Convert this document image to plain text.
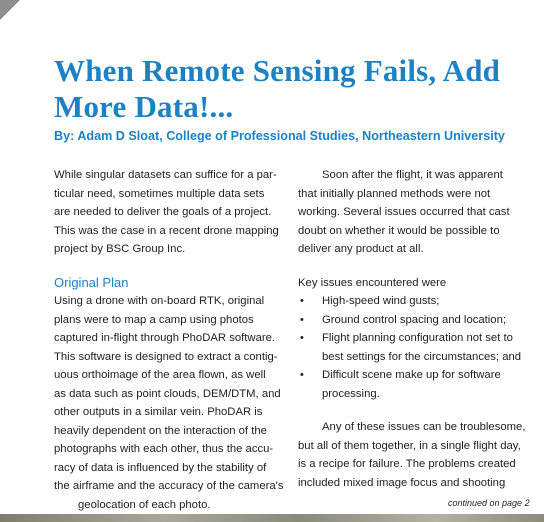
When Remote Sensing Fails, Add
More Data!...
By: Adam D Sloat, College of Professional Studies, Northeastern University

While singular datasets can suffice for a par-
ticular need, sometimes multiple data sets
are needed to deliver the goals of a project.
This was the case in a recent drone mapping
project by BSC Group Inc.

Original Plan

Using a drone with on-board RTK, original
plans were to map a camp using photos
captured in-flight through PhoDAR software.
This software is designed to extract a contig-
uous orthoimage of the area flown, as well
as data such as point clouds, DEM/DTM, and
other outputs in a similar vein. PhoDAR is
heavily dependent on the interaction of the
photographs with each other, thus the accu-
racy of data is influenced by the stability of
the airframe and the accuracy of the camera's
geolocation of each photo.

Soon after the flight, it was apparent
that initially planned methods were not
working. Several issues occurred that cast
doubt on whether it would be possible to
deliver any product at all.

Key issues encountered were

• High-speed wind gusts;
• Ground control spacing and location;
• Flight planning configuration not set to
best settings for the circumstances; and
• Difficult scene make up for software
processing.

Any of these issues can be troublesome,
but all of them together, in a single flight day,
is a recipe for failure. The problems created
included mixed image focus and shooting

continued on page 2
